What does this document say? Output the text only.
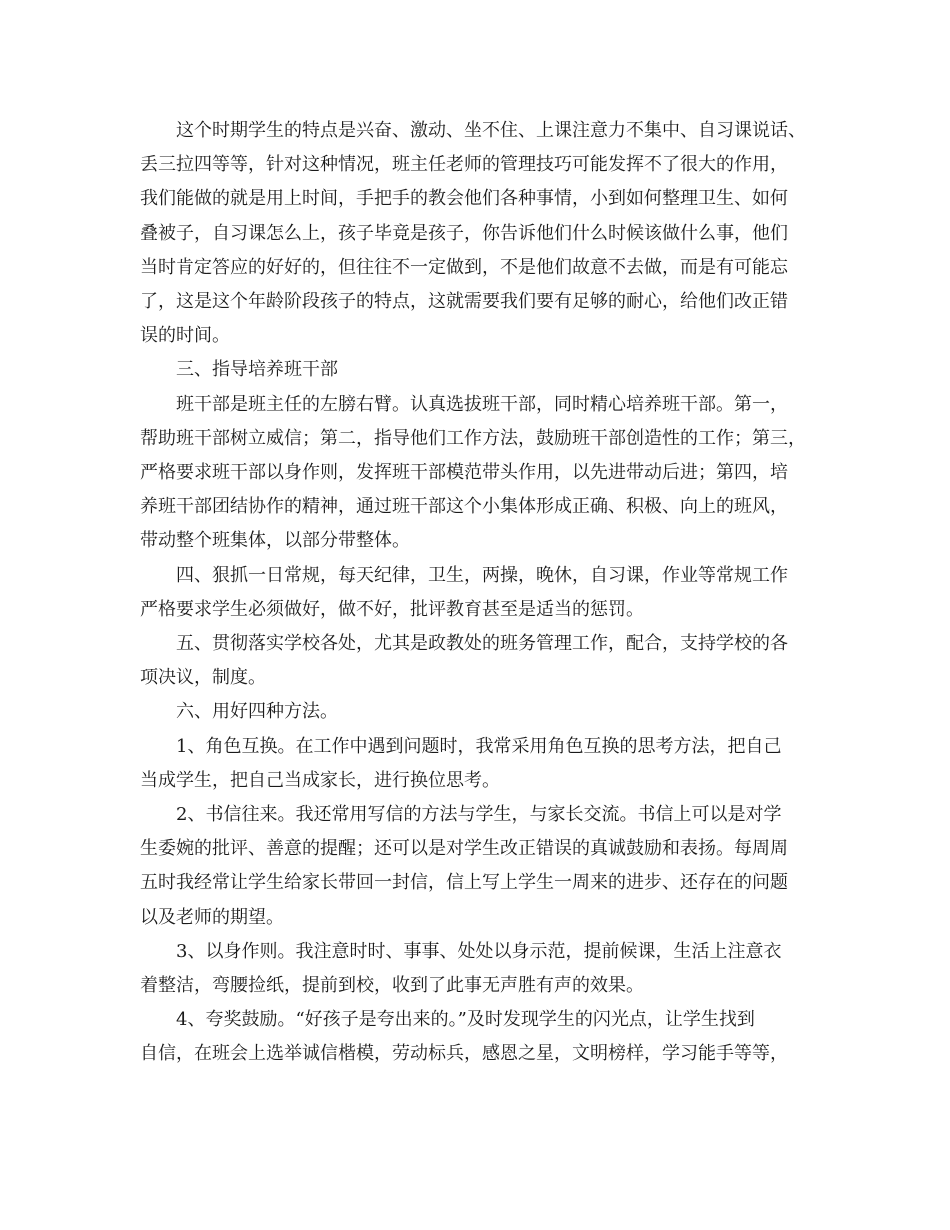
这个时期学生的特点是兴奋、激动、坐不住、上课注意力不集中、自习课说话、
丢三拉四等等，针对这种情况，班主任老师的管理技巧可能发挥不了很大的作用，
我们能做的就是用上时间，手把手的教会他们各种事情，小到如何整理卫生、如何
叠被子，自习课怎么上，孩子毕竟是孩子，你告诉他们什么时候该做什么事，他们
当时肯定答应的好好的，但往往不一定做到，不是他们故意不去做，而是有可能忘
了，这是这个年龄阶段孩子的特点，这就需要我们要有足够的耐心，给他们改正错
误的时间。

三、指导培养班干部

班干部是班主任的左膀右臂。认真选拔班干部，同时精心培养班干部。第一，
帮助班干部树立威信；第二，指导他们工作方法，鼓励班干部创造性的工作；第三，
严格要求班干部以身作则，发挥班干部模范带头作用，以先进带动后进；第四，培
养班干部团结协作的精神，通过班干部这个小集体形成正确、积极、向上的班风，
带动整个班集体，以部分带整体。

四、狠抓一日常规，每天纪律，卫生，两操，晚休，自习课，作业等常规工作
严格要求学生必须做好，做不好，批评教育甚至是适当的惩罚。

五、贯彻落实学校各处，尤其是政教处的班务管理工作，配合，支持学校的各
项决议，制度。

六、用好四种方法。

1、角色互换。在工作中遇到问题时，我常采用角色互换的思考方法，把自己
当成学生，把自己当成家长，进行换位思考。

2、书信往来。我还常用写信的方法与学生，与家长交流。书信上可以是对学
生委婉的批评、善意的提醒；还可以是对学生改正错误的真诚鼓励和表扬。每周周
五时我经常让学生给家长带回一封信，信上写上学生一周来的进步、还存在的问题
以及老师的期望。

3、以身作则。我注意时时、事事、处处以身示范，提前候课，生活上注意衣
着整洁，弯腰捡纸，提前到校，收到了此事无声胜有声的效果。

4、夸奖鼓励。“好孩子是夸出来的。”及时发现学生的闪光点，让学生找到
自信，在班会上选举诚信楷模，劳动标兵，感恩之星，文明榜样，学习能手等等，
